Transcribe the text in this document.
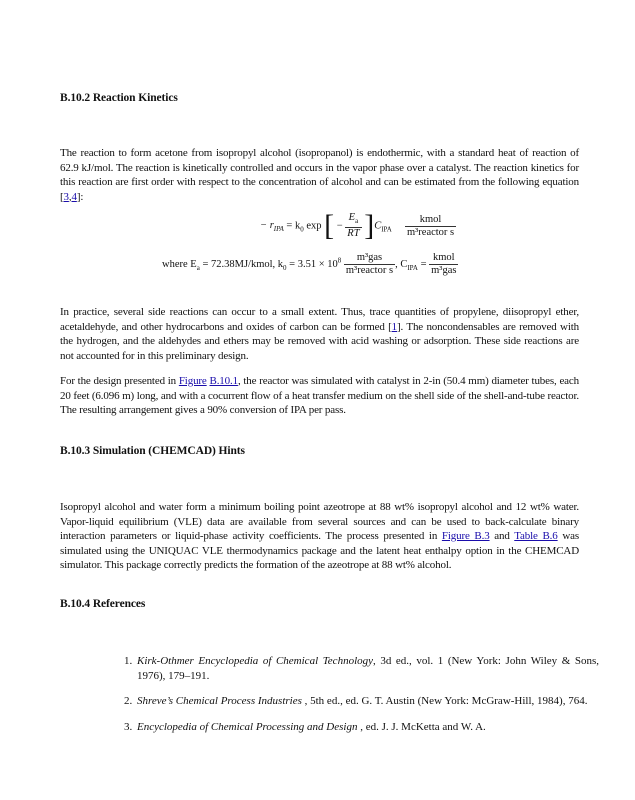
B.10.2 Reaction Kinetics

The reaction to form acetone from isopropyl alcohol (isopropanol) is endothermic, with a standard heat of reaction of 62.9 kJ/mol. The reaction is kinetically controlled and occurs in the vapor phase over a catalyst. The reaction kinetics for this reaction are first order with respect to the concentration of alcohol and can be estimated from the following equation [3,4]:

− $r_{IPA} = k_0$ exp [ − $\frac{E_a}{RT} ]C_{IPA} \frac{\text{kmol}}{\text{m³reactor s}}$
where $E_a$ = 72.38MJ/kmol, $k_0 = 3.51 \times 10^8 \frac{\text{m³gas}}{\text{m³reactor s}}$ , $C_{IPA} = \frac{\text{kmol}}{\text{m³gas}}$

In practice, several side reactions can occur to a small extent. Thus, trace quantities of propylene, diisopropyl ether, acetaldehyde, and other hydrocarbons and oxides of carbon can be formed [1]. The noncondensables are removed with the hydrogen, and the aldehydes and ethers may be removed with acid washing or adsorption. These side reactions are not accounted for in this preliminary design.

For the design presented in Figure B.10.1, the reactor was simulated with catalyst in 2-in (50.4 mm) diameter tubes, each 20 feet (6.096 m) long, and with a cocurrent flow of a heat transfer medium on the shell side of the shell-and-tube reactor. The resulting arrangement gives a 90% conversion of IPA per pass.

B.10.3 Simulation (CHEMCAD) Hints

Isopropyl alcohol and water form a minimum boiling point azeotrope at 88 wt% isopropyl alcohol and 12 wt% water. Vapor-liquid equilibrium (VLE) data are available from several sources and can be used to back-calculate binary interaction parameters or liquid-phase activity coefficients. The process presented in Figure B.3 and Table B.6 was simulated using the UNIQUAC VLE thermodynamics package and the latent heat enthalpy option in the CHEMCAD simulator. This package correctly predicts the formation of the azeotrope at 88 wt% alcohol.

B.10.4 References
1. Kirk-Othmer Encyclopedia of Chemical Technology, 3d ed., vol. 1 (New York: John Wiley & Sons, 1976), 179–191.
2. Shreve’s Chemical Process Industries , 5th ed., ed. G. T. Austin (New York: McGraw-Hill, 1984), 764.
3. Encyclopedia of Chemical Processing and Design , ed. J. J. McKetta and W. A.
